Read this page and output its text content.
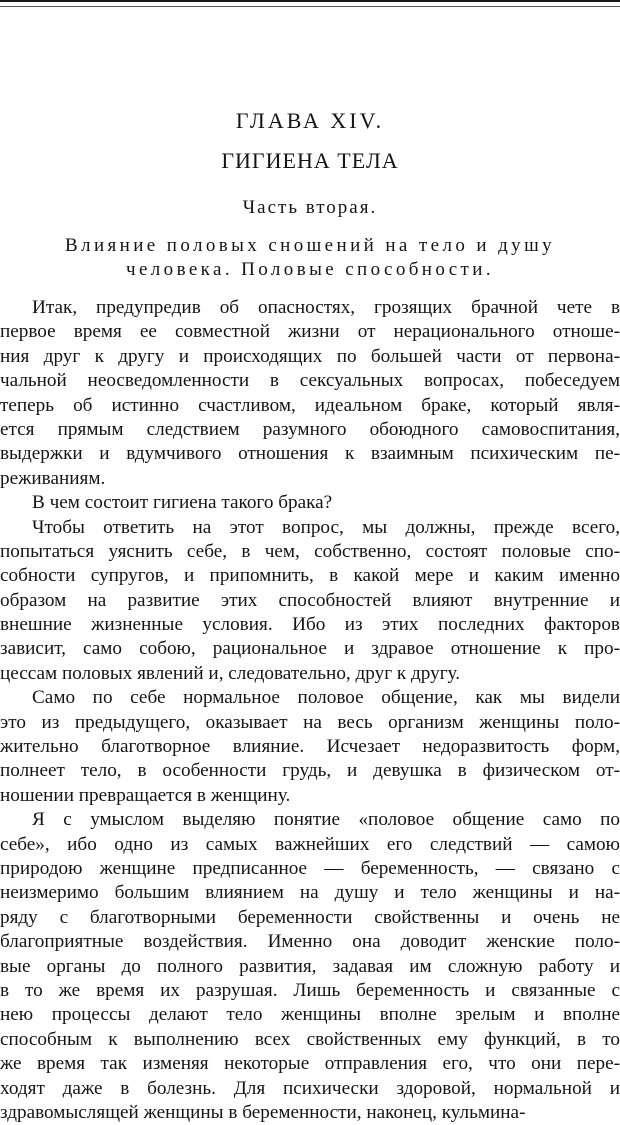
ГЛАВА XIV.
ГИГИЕНА ТЕЛА
Часть вторая.
Влияние половых сношений на тело и душу
человека. Половые способности.
Итак, предупредив об опасностях, грозящих брачной чете в
первое время ее совместной жизни от нерационального отноше-
ния друг к другу и происходящих по большей части от первона-
чальной неосведомленности в сексуальных вопросах, побеседуем
теперь об истинно счастливом, идеальном браке, который явля-
ется прямым следствием разумного обоюдного самовоспитания,
выдержки и вдумчивого отношения к взаимным психическим пе-
реживаниям.
В чем состоит гигиена такого брака?
Чтобы ответить на этот вопрос, мы должны, прежде всего,
попытаться уяснить себе, в чем, собственно, состоят половые спо-
собности супругов, и припомнить, в какой мере и каким именно
образом на развитие этих способностей влияют внутренние и
внешние жизненные условия. Ибо из этих последних факторов
зависит, само собою, рациональное и здравое отношение к про-
цессам половых явлений и, следовательно, друг к другу.
Само по себе нормальное половое общение, как мы видели
это из предыдущего, оказывает на весь организм женщины поло-
жительно благотворное влияние. Исчезает недоразвитость форм,
полнеет тело, в особенности грудь, и девушка в физическом от-
ношении превращается в женщину.
Я с умыслом выделяю понятие «половое общение само по
себе», ибо одно из самых важнейших его следствий — самою
природою женщине предписанное — беременность, — связано с
неизмеримо большим влиянием на душу и тело женщины и на-
ряду с благотворными беременности свойственны и очень не
благоприятные воздействия. Именно она доводит женские поло-
вые органы до полного развития, задавая им сложную работу и
в то же время их разрушая. Лишь беременность и связанные с
нею процессы делают тело женщины вполне зрелым и вполне
способным к выполнению всех свойственных ему функций, в то
же время так изменяя некоторые отправления его, что они пере-
ходят даже в болезнь. Для психически здоровой, нормальной и
здравомыслящей женщины в беременности, наконец, кульмина-
